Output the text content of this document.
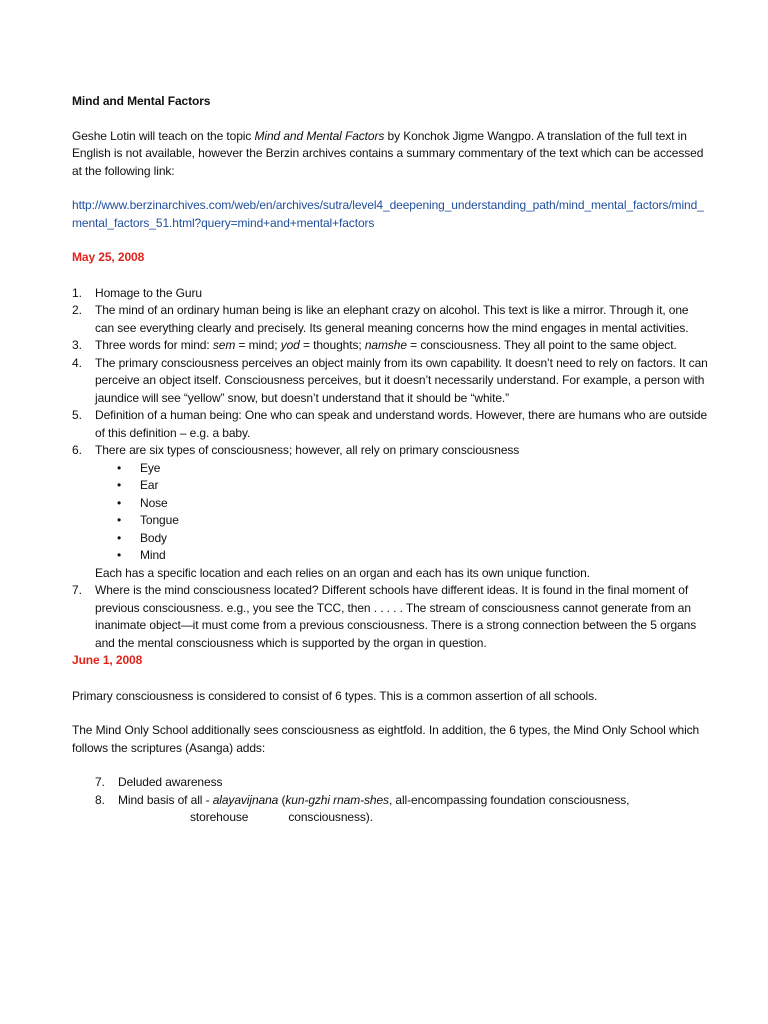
Mind and Mental Factors

Geshe Lotin will teach on the topic Mind and Mental Factors by Konchok Jigme Wangpo. A translation of the full text in English is not available, however the Berzin archives contains a summary commentary of the text which can be accessed at the following link:

http://www.berzinarchives.com/web/en/archives/sutra/level4_deepening_understanding_path/mind_mental_factors/mind_mental_factors_51.html?query=mind+and+mental+factors

May 25, 2008

1. Homage to the Guru
2. The mind of an ordinary human being is like an elephant crazy on alcohol. This text is like a mirror. Through it, one can see everything clearly and precisely. Its general meaning concerns how the mind engages in mental activities.
3. Three words for mind: sem = mind; yod = thoughts; namshe = consciousness. They all point to the same object.
4. The primary consciousness perceives an object mainly from its own capability. It doesn’t need to rely on factors. It can perceive an object itself. Consciousness perceives, but it doesn’t necessarily understand. For example, a person with jaundice will see “yellow” snow, but doesn’t understand that it should be “white.”
5. Definition of a human being: One who can speak and understand words. However, there are humans who are outside of this definition – e.g. a baby.
6. There are six types of consciousness; however, all rely on primary consciousness
• Eye
• Ear
• Nose
• Tongue
• Body
• Mind
Each has a specific location and each relies on an organ and each has its own unique function.
7. Where is the mind consciousness located? Different schools have different ideas. It is found in the final moment of previous consciousness. e.g., you see the TCC, then . . . . . The stream of consciousness cannot generate from an inanimate object—it must come from a previous consciousness. There is a strong connection between the 5 organs and the mental consciousness which is supported by the organ in question.

June 1, 2008

Primary consciousness is considered to consist of 6 types. This is a common assertion of all schools.

The Mind Only School additionally sees consciousness as eightfold. In addition, the 6 types, the Mind Only School which follows the scriptures (Asanga) adds:

7. Deluded awareness
8. Mind basis of all - alayavijnana (kun-gzhi rnam-shes, all-encompassing foundation consciousness,
storehouse	consciousness).
